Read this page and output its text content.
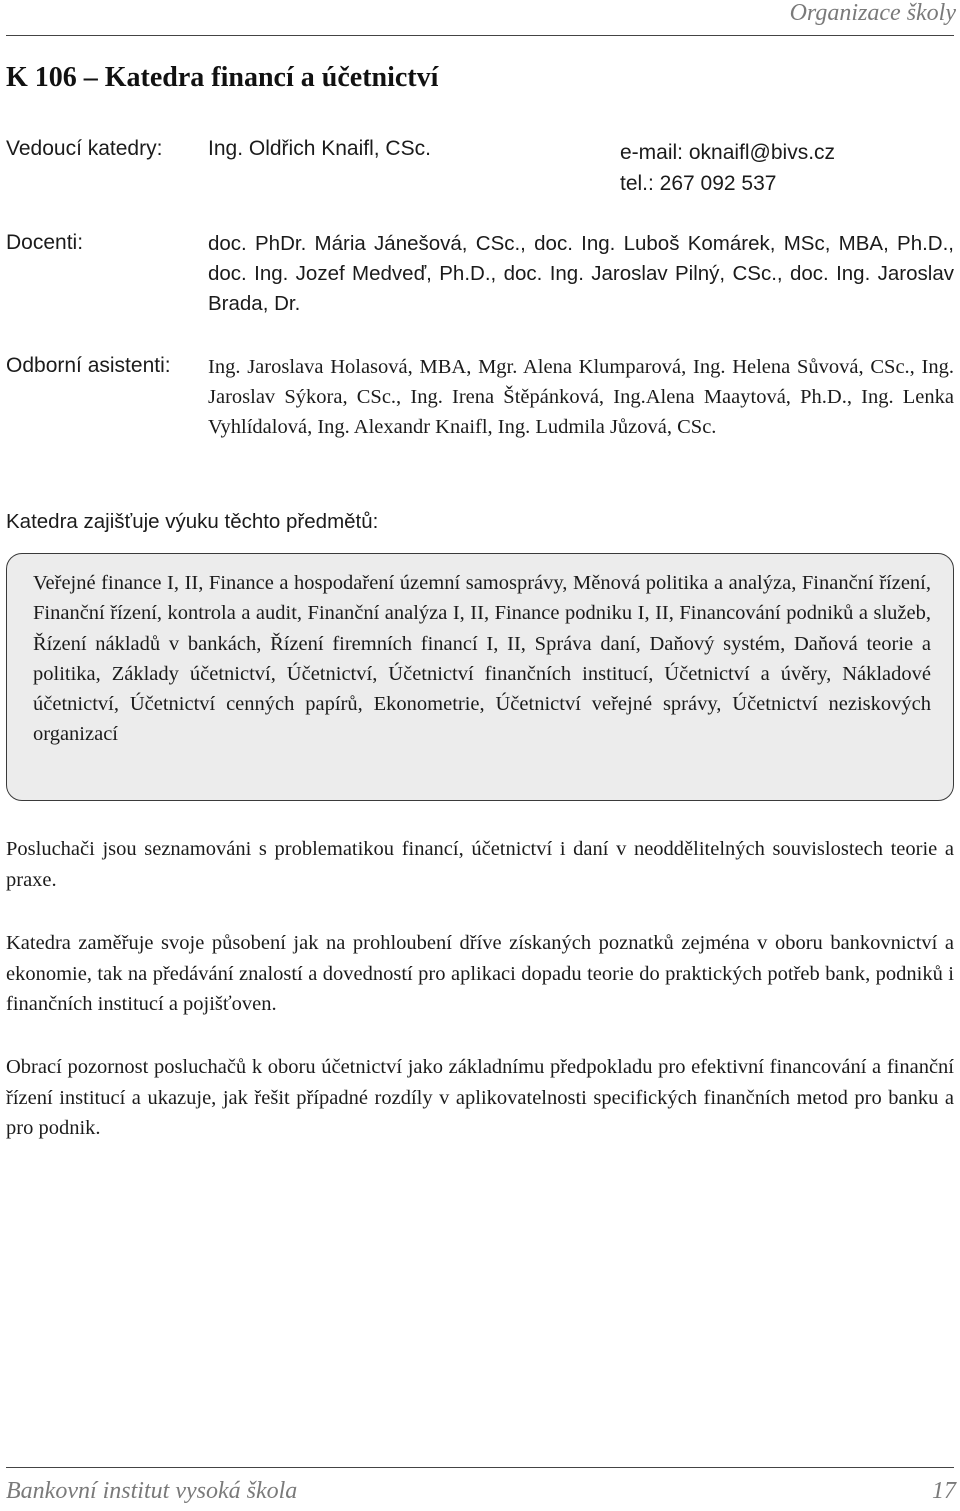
Organizace školy
K 106 – Katedra financí a účetnictví
Vedoucí katedry: Ing. Oldřich Knaifl, CSc.	e-mail: oknaifl@bivs.cz
tel.: 267 092 537
Docenti:	doc. PhDr. Mária Jánešová, CSc., doc. Ing. Luboš Komárek, MSc, MBA, Ph.D., doc. Ing. Jozef Medveď, Ph.D., doc. Ing. Jaroslav Pilný, CSc., doc. Ing. Jaroslav Brada, Dr.
Odborní asistenti: Ing. Jaroslava Holasová, MBA, Mgr. Alena Klumparová, Ing. Helena Sůvová, CSc., Ing. Jaroslav Sýkora, CSc., Ing. Irena Štěpánková, Ing.Alena Maaytová, Ph.D., Ing. Lenka Vyhlídalová, Ing. Alexandr Knaifl, Ing. Ludmila Jůzová, CSc.
Katedra zajišťuje výuku těchto předmětů:

Veřejné finance I, II, Finance a hospodaření územní samosprávy, Měnová politika a analýza, Finanční řízení, Finanční řízení, kontrola a audit, Finanční analýza I, II, Finance podniku I, II, Financování podniků a služeb, Řízení nákladů v bankách, Řízení firemních financí I, II, Správa daní, Daňový systém, Daňová teorie a politika, Základy účetnictví, Účetnictví, Účetnictví finančních institucí, Účetnictví a úvěry, Nákladové účetnictví, Účetnictví cenných papírů, Ekonometrie, Účetnictví veřejné správy, Účetnictví neziskových organizací

Posluchači jsou seznamováni s problematikou financí, účetnictví i daní v neoddělitelných souvislostech teorie a praxe.

Katedra zaměřuje svoje působení jak na prohloubení dříve získaných poznatků zejména v oboru bankovnictví a ekonomie, tak na předávání znalostí a dovedností pro aplikaci dopadu teorie do praktických potřeb bank, podniků i finančních institucí a pojišťoven.

Obrací pozornost posluchačů k oboru účetnictví jako základnímu předpokladu pro efektivní financování a finanční řízení institucí a ukazuje, jak řešit případné rozdíly v aplikovatelnosti specifických finančních metod pro banku a pro podnik.

Bankovní institut vysoká škola	17
